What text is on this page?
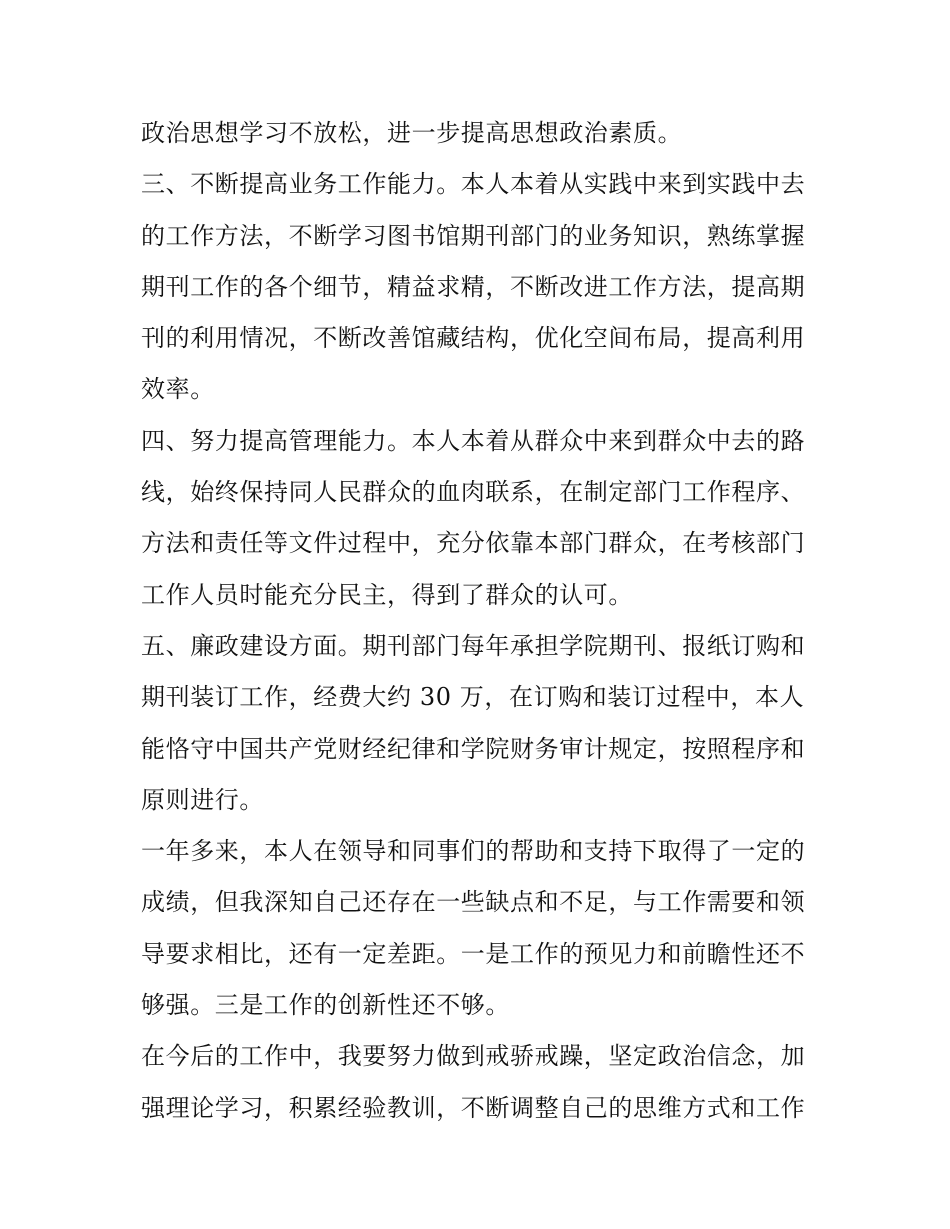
政治思想学习不放松，进一步提高思想政治素质。
三、不断提高业务工作能力。本人本着从实践中来到实践中去
的工作方法，不断学习图书馆期刊部门的业务知识，熟练掌握
期刊工作的各个细节，精益求精，不断改进工作方法，提高期
刊的利用情况，不断改善馆藏结构，优化空间布局，提高利用
效率。
四、努力提高管理能力。本人本着从群众中来到群众中去的路
线，始终保持同人民群众的血肉联系，在制定部门工作程序、
方法和责任等文件过程中，充分依靠本部门群众，在考核部门
工作人员时能充分民主，得到了群众的认可。
五、廉政建设方面。期刊部门每年承担学院期刊、报纸订购和
期刊装订工作，经费大约 30 万，在订购和装订过程中，本人
能恪守中国共产党财经纪律和学院财务审计规定，按照程序和
原则进行。
一年多来，本人在领导和同事们的帮助和支持下取得了一定的
成绩，但我深知自己还存在一些缺点和不足，与工作需要和领
导要求相比，还有一定差距。一是工作的预见力和前瞻性还不
够强。三是工作的创新性还不够。
在今后的工作中，我要努力做到戒骄戒躁，坚定政治信念，加
强理论学习，积累经验教训，不断调整自己的思维方式和工作
